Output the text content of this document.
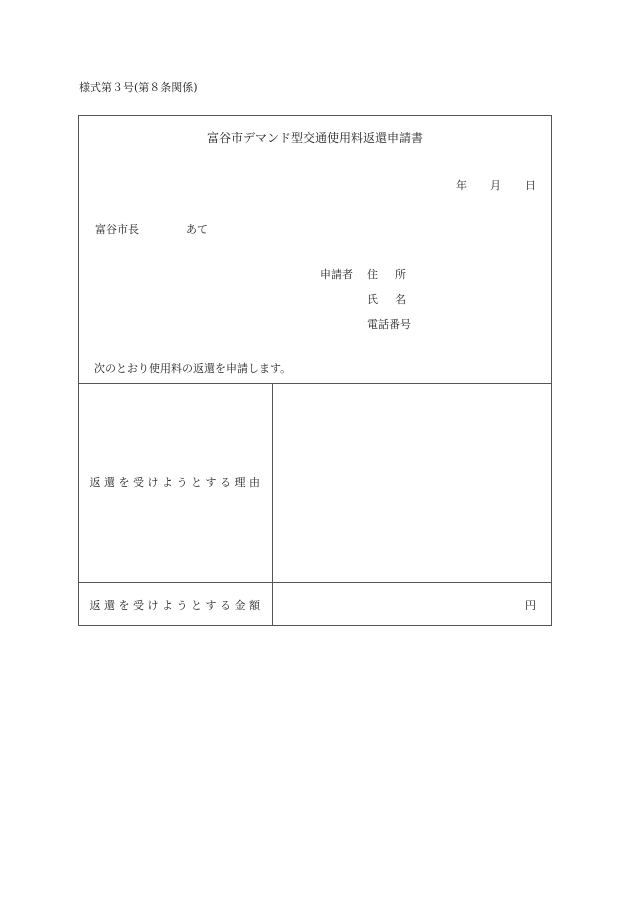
様式第３号(第８条関係)
富谷市デマンド型交通使用料返還申請書
年 月 日
富谷市長	あて
申請者 住所
氏名
電話番号
次のとおり使用料の返還を申請します。
返還を受けようとする理由
返還を受けようとする金額	円
